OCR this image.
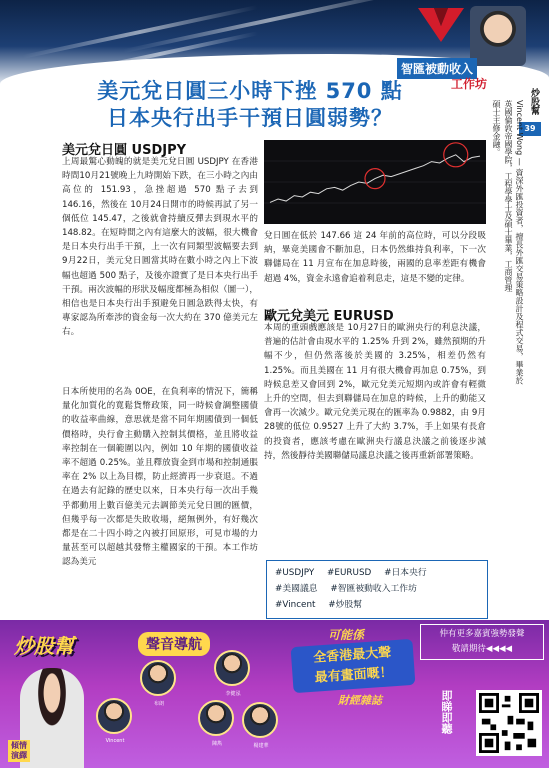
智匯被動收入
工作坊
炒股幫
39
Vincent Wong — 資深外匯投資者，擅長外匯交易策略設計及程式交易，畢業於英國倫敦帝國學院，工程學學士及碩士畢業，工商管理
碩士主修金融。
美元兌日圓三小時下挫 570 點
日本央行出手干預日圓弱勢？
美元兌日圓 USDJPY
上周最驚心動魄的就是美元兌日圓 USDJPY 在香港時間10月21號晚上九時開始下跌，在三小時之內由高位的 151.93，急挫超過 570 點子去到 146.16，然後在 10月24日開市的時候再試了另一個低位 145.47，之後就會持續反彈去到現水平的 148.82。在短時間之內有這麼大的波幅，很大機會是日本央行出手干預，上一次有同類型波幅要去到 9月22日，美元兌日圓當其時在數小時之內上下波幅也超過 500 點子，及後亦證實了是日本央行出手干預。兩次波幅的形狀及幅度都極為相似（圖一），相信也是日本央行出手預避免日圓急跌得太快，有專家認為所牽涉的資金每一次大約在 370 億美元左右。
日本所使用的名為 0OE，在負利率的情況下，簡稱量化加質化的寬鬆貨幣政策，同一時候會調整國債的收益率曲線，意思就是當不同年期國債到一個低價格時，央行會主動購入控制其價格，並且將收益率控制在一個範圍以內，例如 10 年期的國債收益率不超過 0.25%。並且釋放資金到市場和控制通脹率在 2% 以上為目標，防止經濟再一步衰退。不過在過去有記錄的歷史以來，日本央行每一次出手幾乎都動用上數百億美元去調節美元兌日圓的匯價，但幾乎每一次都是失敗收場，絕無例外，有好幾次都是在二十四小時之內被打回原形，可見市場的力量甚至可以超越其發幣主權國家的干預。本工作坊認為美元
兌日圓在低於 147.66 這 24 年前的高位時，可以分段吸納，畢竟美國會不斷加息，日本仍然維持負利率，下一次聯儲局在 11 月宣布在加息時後，兩國的息率差距有機會超過 4%，資金永遠會追着利息走，這是不變的定律。
歐元兌美元 EURUSD
本周的重頭戲應該是 10月27日的歐洲央行的利息決議，普遍的估計會由現水平的 1.25% 升到 2%，雖然預期的升幅不少，但仍然落後於美國的 3.25%，相差仍然有 1.25%。而且美國在 11 月有很大機會再加息 0.75%，到時候息差又會回到 2%，歐元兌美元短期內或許會有輕微上升的空間，但去到聯儲局在加息的時候，上升的動能又會再一次減少。歐元兌美元現在的匯率為 0.9882，由 9月28號的低位 0.9527 上升了大約 3.7%，手上如果有長倉的投資者，應該考慮在歐洲央行議息決議之前後逐步減持，然後靜待美國聯儲局議息決議之後再重新部署策略。
#USDJPY #EURUSD #日本央行
#美國議息 #智匯被動收入工作坊
#Vincent #炒股幫
炒股幫	聲音導航
傾情
演繹
布朗
Vincent
李健泓
陳雋	楊建華
可能係
全香港最大聲
最有畫面嘅！
財經雜誌
仲有更多嘉賓強勢發聲
敬請期待◀◀◀◀
即睇即聽
